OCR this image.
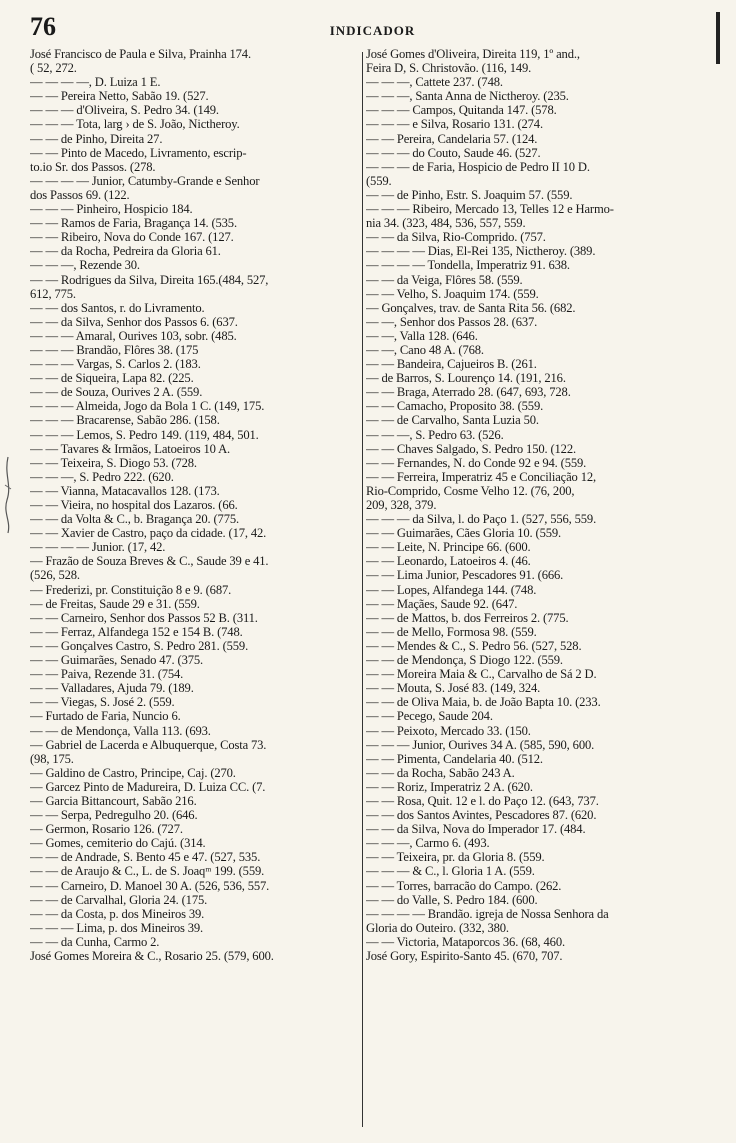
76	INDICADOR
José Francisco de Paula e Silva, Prainha 174.
( 52, 272.
— — — —, D. Luiza 1 E.
— — Pereira Netto, Sabão 19. (527.
— — — d'Oliveira, S. Pedro 34. (149.
— — — Tota, larg › de S. João, Nictheroy.
— — de Pinho, Direita 27.
— — Pinto de Macedo, Livramento, escrip-
to.io Sr. dos Passos. (278.
— — — — Junior, Catumby-Grande e Senhor
dos Passos 69. (122.
— — — Pinheiro, Hospicio 184.
— — Ramos de Faria, Bragança 14. (535.
— — Ribeiro, Nova do Conde 167. (127.
— — da Rocha, Pedreira da Gloria 61.
— — —, Rezende 30.
— — Rodrigues da Silva, Direita 165.(484, 527,
612, 775.
— — dos Santos, r. do Livramento.
— — da Silva, Senhor dos Passos 6. (637.
— — — Amaral, Ourives 103, sobr. (485.
— — — Brandão, Flôres 38. (175
— — — Vargas, S. Carlos 2. (183.
— — de Siqueira, Lapa 82. (225.
— — de Souza, Ourives 2 A. (559.
— — — Almeida, Jogo da Bola 1 C. (149, 175.
— — — Bracarense, Sabão 286. (158.
— — — Lemos, S. Pedro 149. (119, 484, 501.
— — Tavares & Irmãos, Latoeiros 10 A.
— — Teixeira, S. Diogo 53. (728.
— — —, S. Pedro 222. (620.
— — Vianna, Matacavallos 128. (173.
— — Vieira, no hospital dos Lazaros. (66.
— — da Volta & C., b. Bragança 20. (775.
— — Xavier de Castro, paço da cidade. (17, 42.
— — — — Junior. (17, 42.
— Frazão de Souza Breves & C., Saude 39 e 41.
(526, 528.
— Frederizi, pr. Constituição 8 e 9. (687.
— de Freitas, Saude 29 e 31. (559.
— — Carneiro, Senhor dos Passos 52 B. (311.
— — Ferraz, Alfandega 152 e 154 B. (748.
— — Gonçalves Castro, S. Pedro 281. (559.
— — Guimarães, Senado 47. (375.
— — Paiva, Rezende 31. (754.
— — Valladares, Ajuda 79. (189.
— — Viegas, S. José 2. (559.
— Furtado de Faria, Nuncio 6.
— — de Mendonça, Valla 113. (693.
— Gabriel de Lacerda e Albuquerque, Costa 73.
(98, 175.
— Galdino de Castro, Principe, Caj. (270.
— Garcez Pinto de Madureira, D. Luiza CC. (7.
— Garcia Bittancourt, Sabão 216.
— — Serpa, Pedregulho 20. (646.
— Germon, Rosario 126. (727.
— Gomes, cemiterio do Cajú. (314.
— — de Andrade, S. Bento 45 e 47. (527, 535.
— — de Araujo & C., L. de S. Joaqᵐ 199. (559.
— — Carneiro, D. Manoel 30 A. (526, 536, 557.
— — de Carvalhal, Gloria 24. (175.
— — da Costa, p. dos Mineiros 39.
— — — Lima, p. dos Mineiros 39.
— — da Cunha, Carmo 2.
José Gomes Moreira & C., Rosario 25. (579, 600.
José Gomes d'Oliveira, Direita 119, 1º and.,
Feira D, S. Christovão. (116, 149.
— — —, Cattete 237. (748.
— — —, Santa Anna de Nictheroy. (235.
— — — Campos, Quitanda 147. (578.
— — — e Silva, Rosario 131. (274.
— — Pereira, Candelaria 57. (124.
— — — do Couto, Saude 46. (527.
— — — de Faria, Hospicio de Pedro II 10 D.
(559.
— — de Pinho, Estr. S. Joaquim 57. (559.
— — — Ribeiro, Mercado 13, Telles 12 e Harmo-
nia 34. (323, 484, 536, 557, 559.
— — da Silva, Rio-Comprido. (757.
— — — — Dias, El-Rei 135, Nictheroy. (389.
— — — — Tondella, Imperatriz 91. 638.
— — da Veiga, Flôres 58. (559.
— — Velho, S. Joaquim 174. (559.
— Gonçalves, trav. de Santa Rita 56. (682.
— —, Senhor dos Passos 28. (637.
— —, Valla 128. (646.
— —, Cano 48 A. (768.
— — Bandeira, Cajueiros B. (261.
— de Barros, S. Lourenço 14. (191, 216.
— — Braga, Aterrado 28. (647, 693, 728.
— — Camacho, Proposito 38. (559.
— — de Carvalho, Santa Luzia 50.
— — —, S. Pedro 63. (526.
— — Chaves Salgado, S. Pedro 150. (122.
— — Fernandes, N. do Conde 92 e 94. (559.
— — Ferreira, Imperatriz 45 e Conciliação 12,
Rio-Comprido, Cosme Velho 12. (76, 200,
209, 328, 379.
— — — da Silva, l. do Paço 1. (527, 556, 559.
— — Guimarães, Cães Gloria 10. (559.
— — Leite, N. Principe 66. (600.
— — Leonardo, Latoeiros 4. (46.
— — Lima Junior, Pescadores 91. (666.
— — Lopes, Alfandega 144. (748.
— — Maçães, Saude 92. (647.
— — de Mattos, b. dos Ferreiros 2. (775.
— — de Mello, Formosa 98. (559.
— — Mendes & C., S. Pedro 56. (527, 528.
— — de Mendonça, S Diogo 122. (559.
— — Moreira Maia & C., Carvalho de Sá 2 D.
— — Mouta, S. José 83. (149, 324.
— — de Oliva Maia, b. de João Bapta 10. (233.
— — Pecego, Saude 204.
— — Peixoto, Mercado 33. (150.
— — — Junior, Ourives 34 A. (585, 590, 600.
— — Pimenta, Candelaria 40. (512.
— — da Rocha, Sabão 243 A.
— — Roriz, Imperatriz 2 A. (620.
— — Rosa, Quit. 12 e l. do Paço 12. (643, 737.
— — dos Santos Avintes, Pescadores 87. (620.
— — da Silva, Nova do Imperador 17. (484.
— — —, Carmo 6. (493.
— — Teixeira, pr. da Gloria 8. (559.
— — — & C., l. Gloria 1 A. (559.
— — Torres, barracão do Campo. (262.
— — do Valle, S. Pedro 184. (600.
— — — — Brandão. igreja de Nossa Senhora da
Gloria do Outeiro. (332, 380.
— — Victoria, Mataporcos 36. (68, 460.
José Gory, Espirito-Santo 45. (670, 707.
